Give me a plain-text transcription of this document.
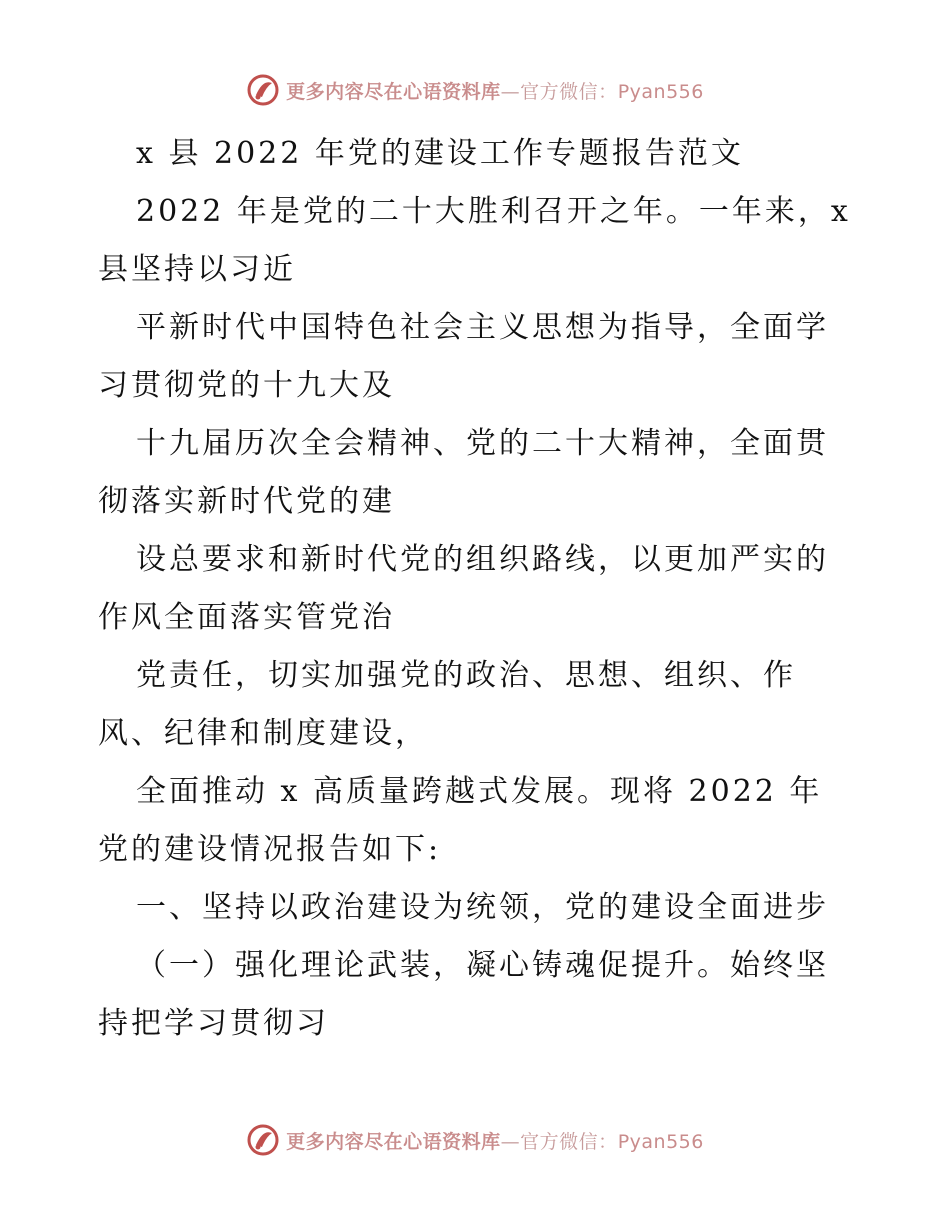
更多内容尽在心语资料库—官方微信：Pyan556

x 县 2022 年党的建设工作专题报告范文

2022 年是党的二十大胜利召开之年。一年来，x
县坚持以习近

平新时代中国特色社会主义思想为指导，全面学
习贯彻党的十九大及

十九届历次全会精神、党的二十大精神，全面贯
彻落实新时代党的建

设总要求和新时代党的组织路线，以更加严实的
作风全面落实管党治

党责任，切实加强党的政治、思想、组织、作
风、纪律和制度建设，

全面推动 x 高质量跨越式发展。现将 2022 年
党的建设情况报告如下:

一、坚持以政治建设为统领，党的建设全面进步

（一）强化理论武装，凝心铸魂促提升。始终坚
持把学习贯彻习

更多内容尽在心语资料库—官方微信：Pyan556
